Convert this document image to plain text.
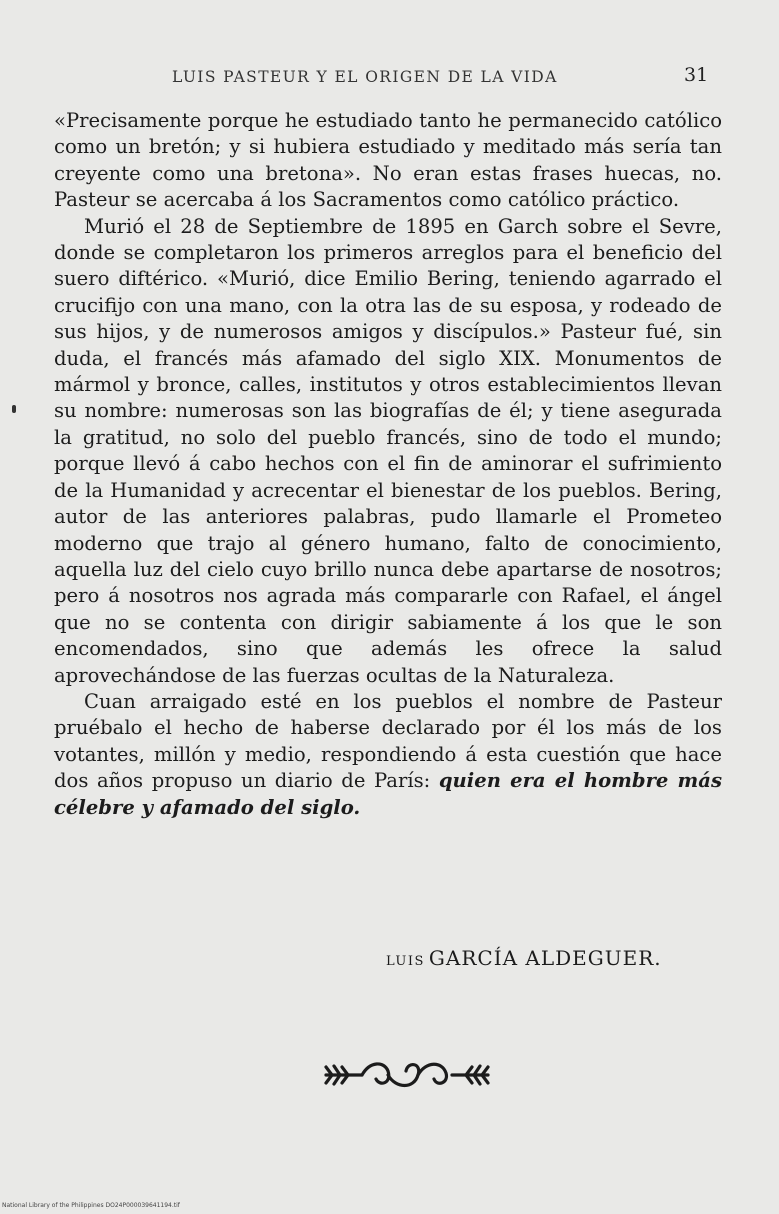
LUIS PASTEUR Y EL ORIGEN DE LA VIDA	31

«Precisamente porque he estudiado tanto he permanecido católico como un bretón; y si hubiera estudiado y meditado más sería tan creyente como una bretona». No eran estas frases huecas, no. Pasteur se acercaba á los Sacramentos como católico práctico.

Murió el 28 de Septiembre de 1895 en Garch sobre el Sevre, donde se completaron los primeros arreglos para el beneficio del suero diftérico. «Murió, dice Emilio Bering, teniendo agarrado el crucifijo con una mano, con la otra las de su esposa, y rodeado de sus hijos, y de numerosos amigos y discípulos.» Pasteur fué, sin duda, el francés más afamado del siglo XIX. Monumentos de mármol y bronce, calles, institutos y otros establecimientos llevan su nombre: numerosas son las biografías de él; y tiene asegurada la gratitud, no solo del pueblo francés, sino de todo el mundo; porque llevó á cabo hechos con el fin de aminorar el sufrimiento de la Humanidad y acrecentar el bienestar de los pueblos. Bering, autor de las anteriores palabras, pudo llamarle el Prometeo moderno que trajo al género humano, falto de conocimiento, aquella luz del cielo cuyo brillo nunca debe apartarse de nosotros; pero á nosotros nos agrada más compararle con Rafael, el ángel que no se contenta con dirigir sabiamente á los que le son encomendados, sino que además les ofrece la salud aprovechándose de las fuerzas ocultas de la Naturaleza.

Cuan arraigado esté en los pueblos el nombre de Pasteur pruébalo el hecho de haberse declarado por él los más de los votantes, millón y medio, respondiendo á esta cuestión que hace dos años propuso un diario de París: quien era el hombre más célebre y afamado del siglo.

LUIS GARCÍA ALDEGUER.
National Library of the Philippines DO24P000039641194.tif
